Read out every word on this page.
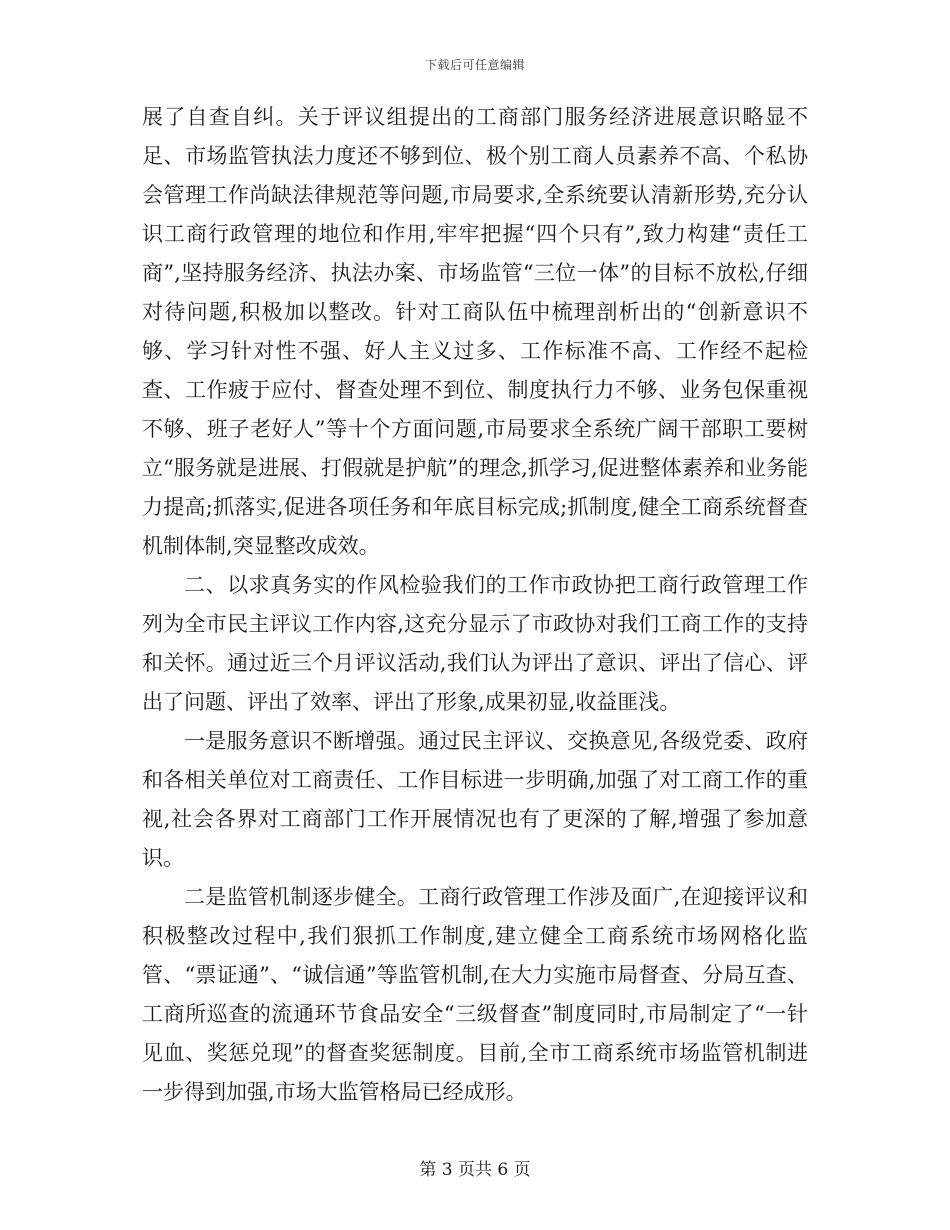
下载后可任意编辑

展了自查自纠。关于评议组提出的工商部门服务经济进展意识略显不足、市场监管执法力度还不够到位、极个别工商人员素养不高、个私协会管理工作尚缺法律规范等问题,市局要求,全系统要认清新形势,充分认识工商行政管理的地位和作用,牢牢把握“四个只有”,致力构建“责任工商”,坚持服务经济、执法办案、市场监管“三位一体”的目标不放松,仔细对待问题,积极加以整改。针对工商队伍中梳理剖析出的“创新意识不够、学习针对性不强、好人主义过多、工作标准不高、工作经不起检查、工作疲于应付、督查处理不到位、制度执行力不够、业务包保重视不够、班子老好人”等十个方面问题,市局要求全系统广阔干部职工要树立“服务就是进展、打假就是护航”的理念,抓学习,促进整体素养和业务能力提高;抓落实,促进各项任务和年底目标完成;抓制度,健全工商系统督查机制体制,突显整改成效。

二、以求真务实的作风检验我们的工作市政协把工商行政管理工作列为全市民主评议工作内容,这充分显示了市政协对我们工商工作的支持和关怀。通过近三个月评议活动,我们认为评出了意识、评出了信心、评出了问题、评出了效率、评出了形象,成果初显,收益匪浅。

一是服务意识不断增强。通过民主评议、交换意见,各级党委、政府和各相关单位对工商责任、工作目标进一步明确,加强了对工商工作的重视,社会各界对工商部门工作开展情况也有了更深的了解,增强了参加意识。

二是监管机制逐步健全。工商行政管理工作涉及面广,在迎接评议和积极整改过程中,我们狠抓工作制度,建立健全工商系统市场网格化监管、“票证通”、“诚信通”等监管机制,在大力实施市局督查、分局互查、工商所巡查的流通环节食品安全“三级督查”制度同时,市局制定了“一针见血、奖惩兑现”的督查奖惩制度。目前,全市工商系统市场监管机制进一步得到加强,市场大监管格局已经成形。

第 3 页共 6 页
